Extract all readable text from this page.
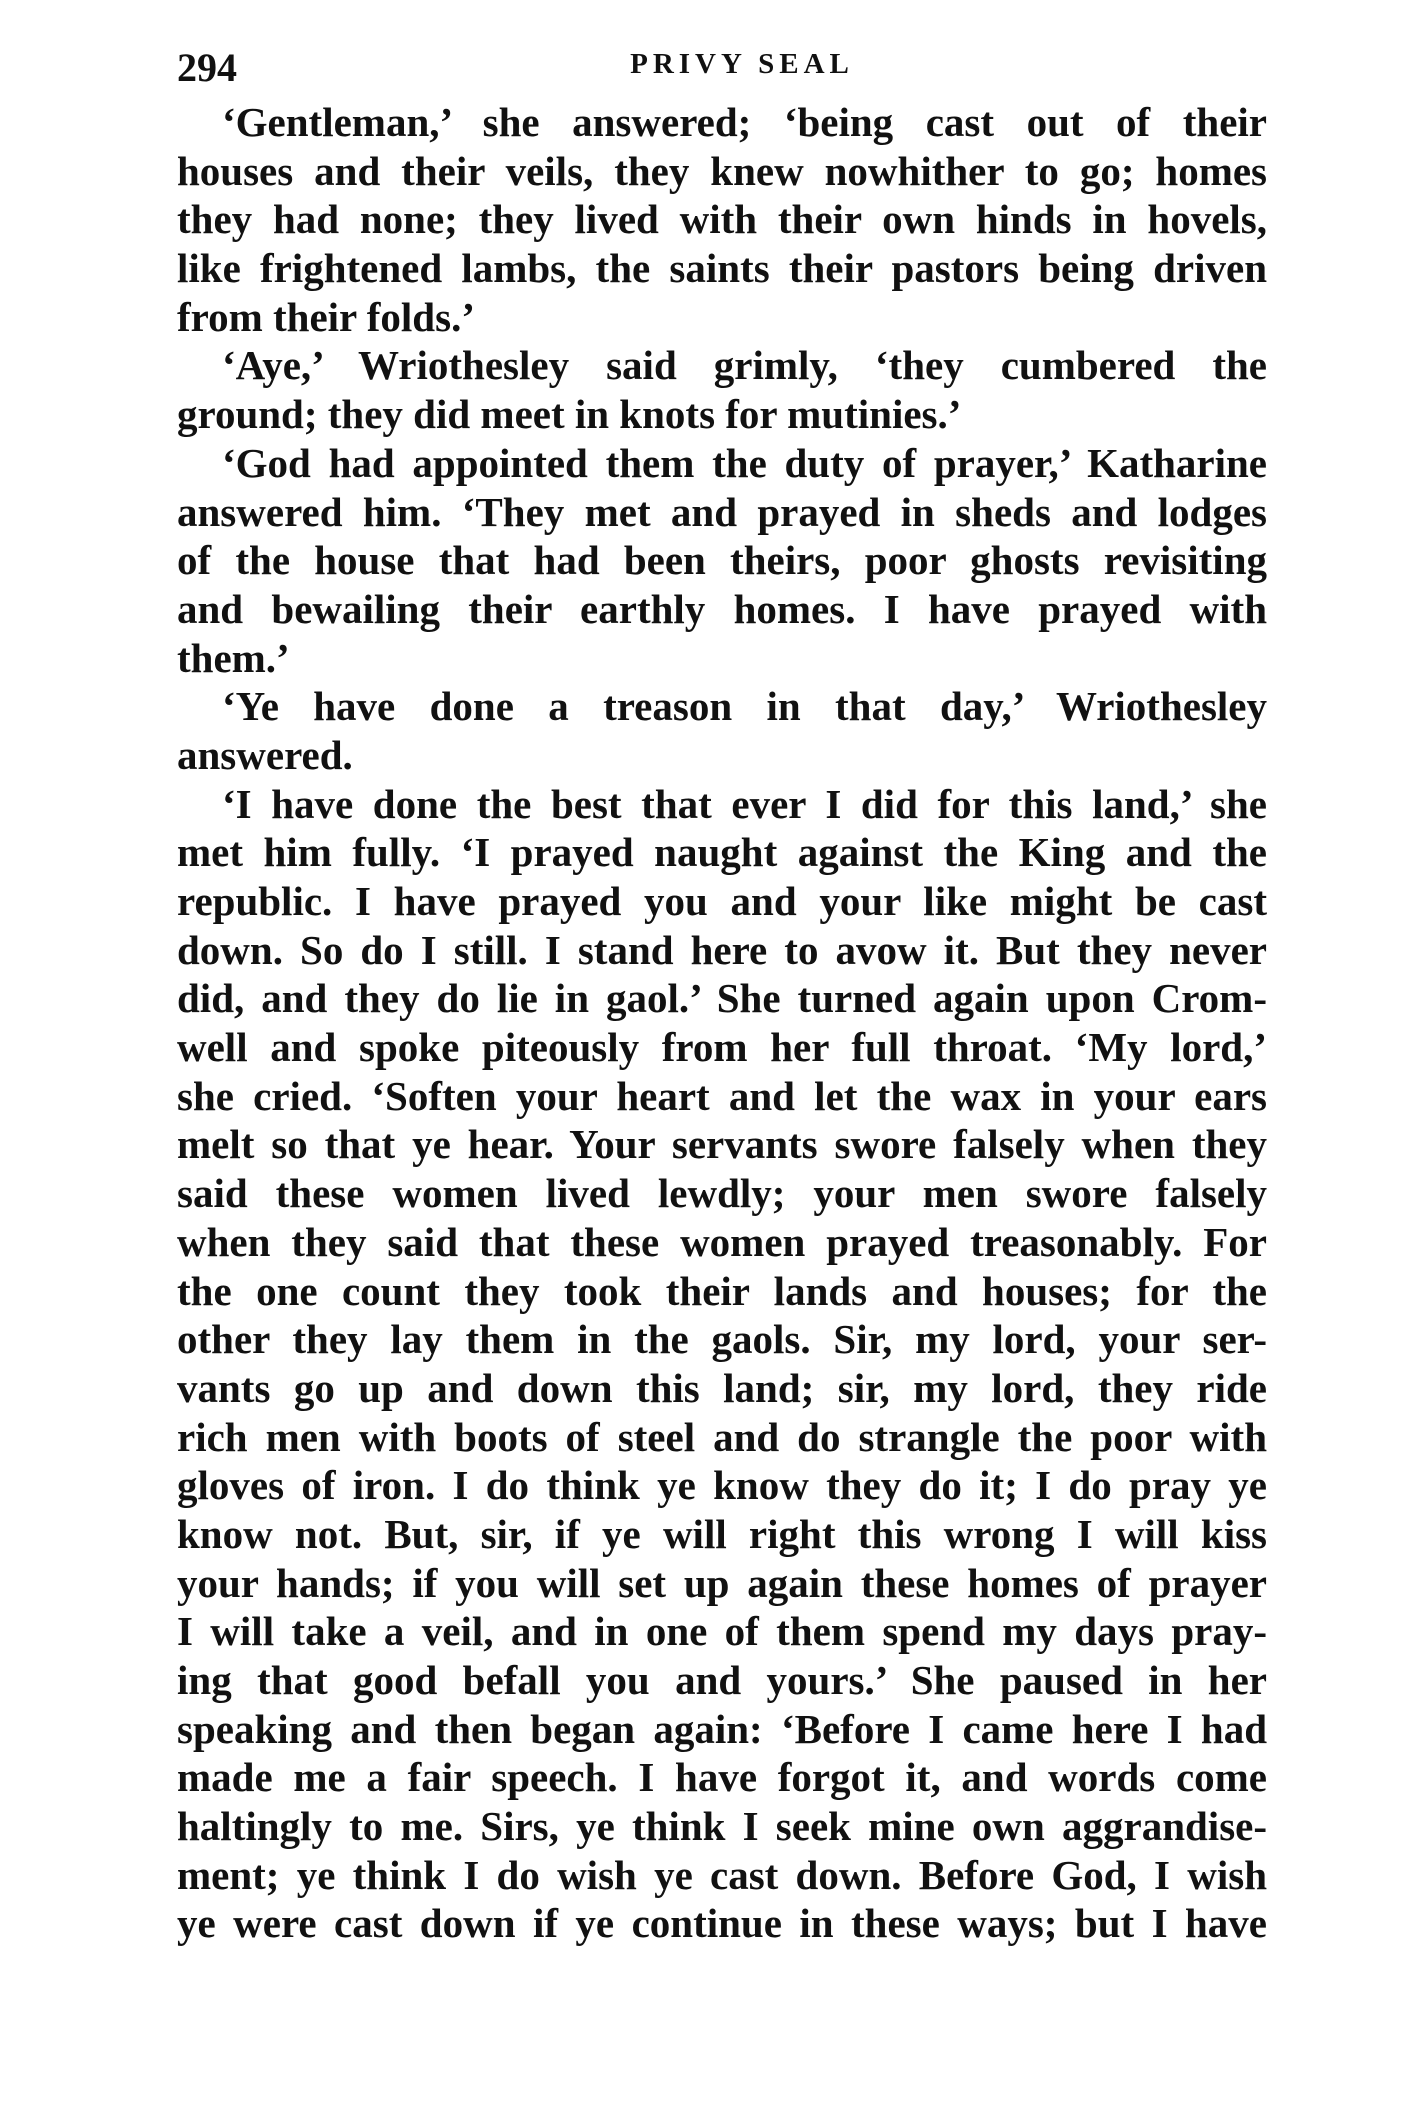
294	PRIVY SEAL
‘Gentleman,’ she answered; ‘being cast out of their
houses and their veils, they knew nowhither to go; homes
they had none; they lived with their own hinds in hovels,
like frightened lambs, the saints their pastors being driven
from their folds.’
‘Aye,’ Wriothesley said grimly, ‘they cumbered the
ground; they did meet in knots for mutinies.’
‘God had appointed them the duty of prayer,’ Katharine
answered him. ‘They met and prayed in sheds and lodges
of the house that had been theirs, poor ghosts revisiting
and bewailing their earthly homes. I have prayed with
them.’
‘Ye have done a treason in that day,’ Wriothesley
answered.
‘I have done the best that ever I did for this land,’ she
met him fully. ‘I prayed naught against the King and the
republic. I have prayed you and your like might be cast
down. So do I still. I stand here to avow it. But they never
did, and they do lie in gaol.’ She turned again upon Crom-
well and spoke piteously from her full throat. ‘My lord,’
she cried. ‘Soften your heart and let the wax in your ears
melt so that ye hear. Your servants swore falsely when they
said these women lived lewdly; your men swore falsely
when they said that these women prayed treasonably. For
the one count they took their lands and houses; for the
other they lay them in the gaols. Sir, my lord, your ser-
vants go up and down this land; sir, my lord, they ride
rich men with boots of steel and do strangle the poor with
gloves of iron. I do think ye know they do it; I do pray ye
know not. But, sir, if ye will right this wrong I will kiss
your hands; if you will set up again these homes of prayer
I will take a veil, and in one of them spend my days pray-
ing that good befall you and yours.’ She paused in her
speaking and then began again: ‘Before I came here I had
made me a fair speech. I have forgot it, and words come
haltingly to me. Sirs, ye think I seek mine own aggrandise-
ment; ye think I do wish ye cast down. Before God, I wish
ye were cast down if ye continue in these ways; but I have
